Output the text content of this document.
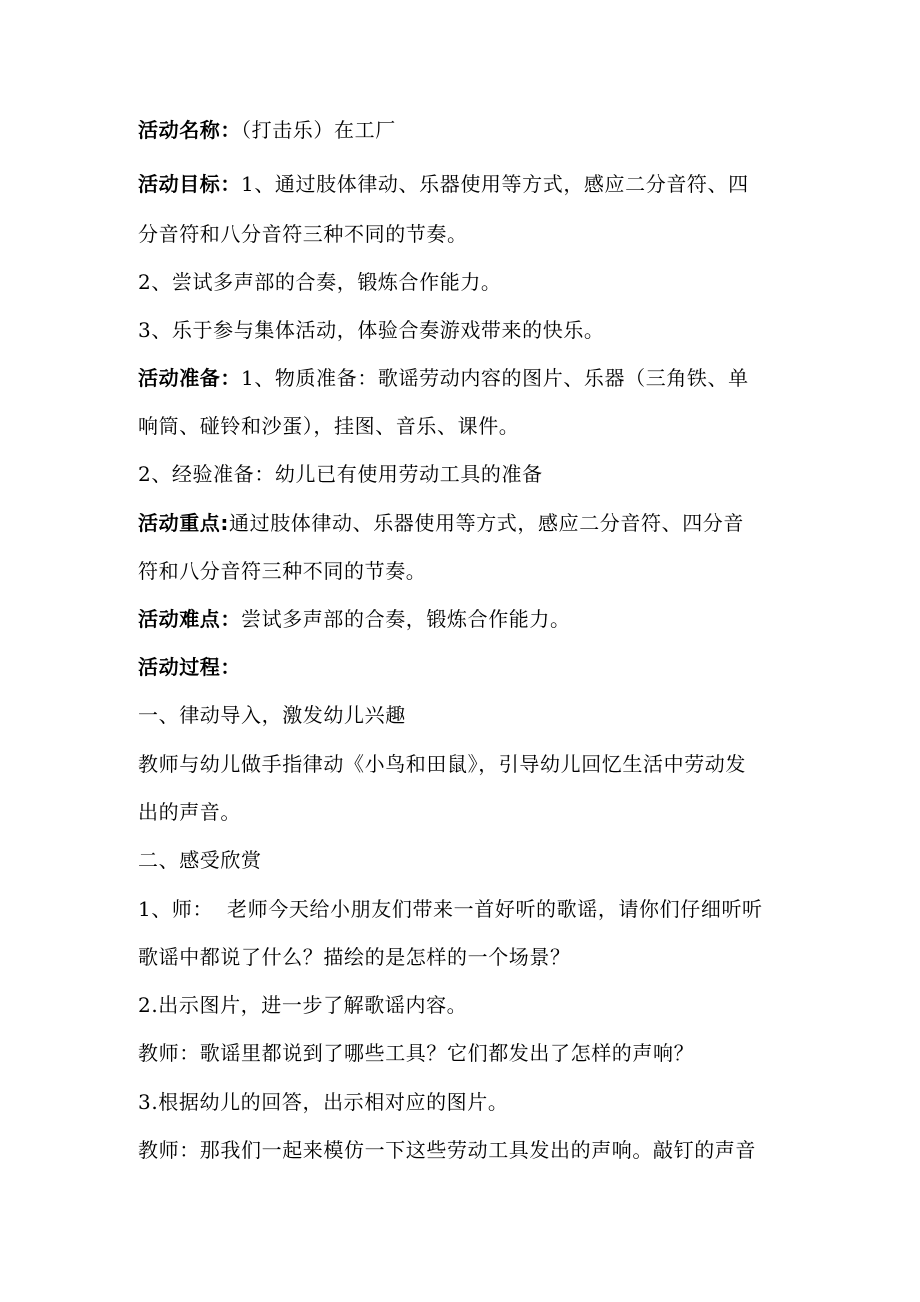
活动名称：（打击乐）在工厂
活动目标：1、通过肢体律动、乐器使用等方式，感应二分音符、四
分音符和八分音符三种不同的节奏。
2、尝试多声部的合奏，锻炼合作能力。
3、乐于参与集体活动，体验合奏游戏带来的快乐。
活动准备：1、物质准备：歌谣劳动内容的图片、乐器（三角铁、单
响筒、碰铃和沙蛋），挂图、音乐、课件。
2、经验准备：幼儿已有使用劳动工具的准备
活动重点:通过肢体律动、乐器使用等方式，感应二分音符、四分音
符和八分音符三种不同的节奏。
活动难点：尝试多声部的合奏，锻炼合作能力。
活动过程：
一、律动导入，激发幼儿兴趣
教师与幼儿做手指律动《小鸟和田鼠》，引导幼儿回忆生活中劳动发
出的声音。
二、感受欣赏
1、师：  老师今天给小朋友们带来一首好听的歌谣，请你们仔细听听
歌谣中都说了什么？描绘的是怎样的一个场景？
2.出示图片，进一步了解歌谣内容。
教师：歌谣里都说到了哪些工具？它们都发出了怎样的声响？
3.根据幼儿的回答，出示相对应的图片。
教师：那我们一起来模仿一下这些劳动工具发出的声响。敲钉的声音
